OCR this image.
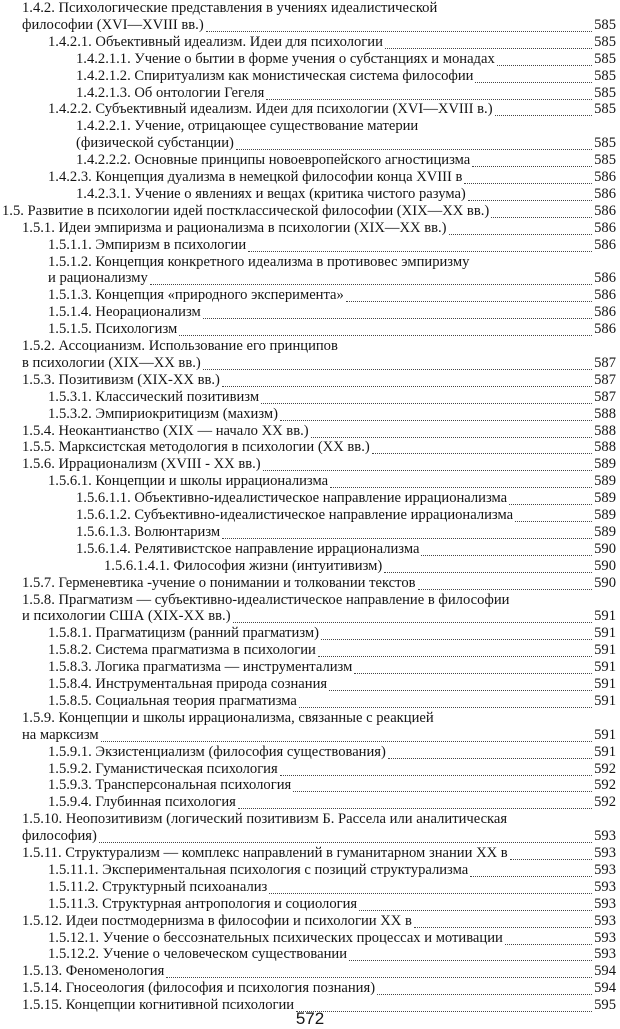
1.4.2. Психологические представления в учениях идеалистической
философии (XVI—XVIII вв.)	585
1.4.2.1. Объективный идеализм. Идеи для психологии	585
1.4.2.1.1. Учение о бытии в форме учения о субстанциях и монадах	585
1.4.2.1.2. Спиритуализм как монистическая система философии	585
1.4.2.1.3. Об онтологии Гегеля	585
1.4.2.2. Субъективный идеализм. Идеи для психологии (XVI—XVIII в.)	585
1.4.2.2.1. Учение, отрицающее существование материи
(физической субстанции)	585
1.4.2.2.2. Основные принципы новоевропейского агностицизма	585
1.4.2.3. Концепция дуализма в немецкой философии конца XVIII в	586
1.4.2.3.1. Учение о явлениях и вещах (критика чистого разума)	586
1.5. Развитие в психологии идей постклассической философии (XIX—XX вв.)	586
1.5.1. Идеи эмпиризма и рационализма в психологии (XIX—XX вв.)	586
1.5.1.1. Эмпиризм в психологии	586
1.5.1.2. Концепция конкретного идеализма в противовес эмпиризму
и рационализму	586
1.5.1.3. Концепция «природного эксперимента»	586
1.5.1.4. Неорационализм	586
1.5.1.5. Психологизм	586
1.5.2. Ассоцианизм. Использование его принципов
в психологии (XIX—XX вв.)	587
1.5.3. Позитивизм (XIX-XX вв.)	587
1.5.3.1. Классический позитивизм	587
1.5.3.2. Эмпириокритицизм (махизм)	588
1.5.4. Неокантианство (XIX — начало XX вв.)	588
1.5.5. Марксистская методология в психологии (XX вв.)	588
1.5.6. Иррационализм (XVIII - XX вв.)	589
1.5.6.1. Концепции и школы иррационализма	589
1.5.6.1.1. Объективно-идеалистическое направление иррационализма	589
1.5.6.1.2. Субъективно-идеалистическое направление иррационализма	589
1.5.6.1.3. Волюнтаризм	589
1.5.6.1.4. Релятивистское направление иррационализма	590
1.5.6.1.4.1. Философия жизни (интуитивизм)	590
1.5.7. Герменевтика -учение о понимании и толковании текстов	590
1.5.8. Прагматизм — субъективно-идеалистическое направление в философии
и психологии США (XIX-XX вв.)	591
1.5.8.1. Прагматицизм (ранний прагматизм)	591
1.5.8.2. Система прагматизма в психологии	591
1.5.8.3. Логика прагматизма — инструментализм	591
1.5.8.4. Инструментальная природа сознания	591
1.5.8.5. Социальная теория прагматизма	591
1.5.9. Концепции и школы иррационализма, связанные с реакцией
на марксизм	591
1.5.9.1. Экзистенциализм (философия существования)	591
1.5.9.2. Гуманистическая психология	592
1.5.9.3. Трансперсональная психология	592
1.5.9.4. Глубинная психология	592
1.5.10. Неопозитивизм (логический позитивизм Б. Рассела или аналитическая
философия)	593
1.5.11. Структурализм — комплекс направлений в гуманитарном знании XX в	593
1.5.11.1. Экспериментальная психология с позиций структурализма	593
1.5.11.2. Структурный психоанализ	593
1.5.11.3. Структурная антропология и социология	593
1.5.12. Идеи постмодернизма в философии и психологии XX в	593
1.5.12.1. Учение о бессознательных психических процессах и мотивации	593
1.5.12.2. Учение о человеческом существовании	593
1.5.13. Феноменология	594
1.5.14. Гносеология (философия и психология познания)	594
1.5.15. Концепции когнитивной психологии	595
572
